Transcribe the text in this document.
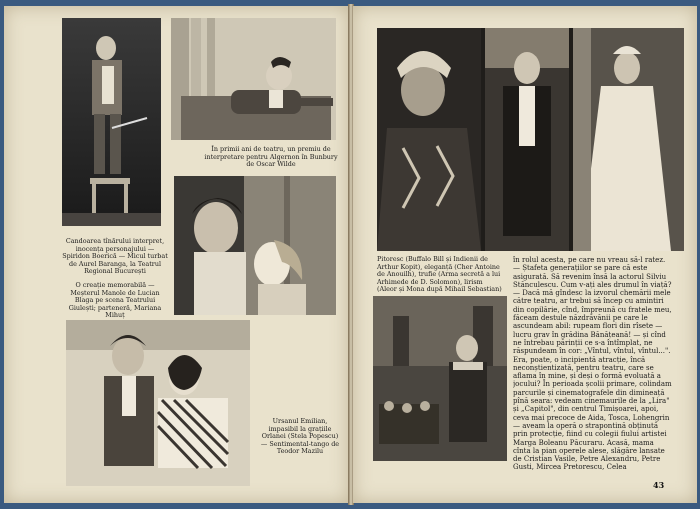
În primii ani de teatru, un premiu de interpretare pentru Algernon în Bunbury de Oscar Wilde
Candoarea tînărului interpret, inocența personajului — Spiridon Boerică — Micul turbat de Aurel Baranga, la Teatrul Regional București
O creație memorabilă — Meșterul Manole de Lucian Blaga pe scena Teatrului Giulești; parteneră, Mariana Mihuț
Ursanul Emilian, impasibil la grațiile Orlanei (Stela Popescu) — Sentimental-tango de Teodor Mazilu
Pitoresc (Buffalo Bill și Indienii de Arthur Kopit), eleganță (Cher Antoine de Anouilh), trufie (Arma secretă a lui Arhimede de D. Solomon), lirism (Aleor și Mona după Mihail Sebastian)
în rolul acesta, pe care nu vreau să-l ratez.
— Ștafeta generațiilor se pare că este asigurată. Să revenim însă la actorul Silviu Stănculescu. Cum v-ați ales drumul în viață?
— Dacă mă gîndesc la izvorul chemării mele către teatru, ar trebui să încep cu amintiri din copilărie, cînd, împreună cu fratele meu, făceam destule năzdrăvănii pe care le ascundeam abil: rupeam flori din rîsete — lucru grav în grădina Bănățeană! — și cînd ne întrebau părinții ce s-a întîmplat, ne răspundeam în cor: „Vîntul, vîntul, vîntul...". Era, poate, o incipientă atracție, încă neconștientizată, pentru teatru, care se aflama în mine, și deși o formă evoluată a jocului? În perioada școlii primare, colindam parcurile și cinematografele din dimineață pînă seara: vedeam cinemaurile de la „Lira" și „Capitol", din centrul Timișoarei, apoi, ceva mai precoce de Aida, Tosca, Lohengrin — aveam la operă o strapontină obținută prin protecție, fiind cu colegii fiului artistei Marga Boleanu Păcuraru. Acasă, mama cînta la pian operele alese, slăgăre lansate de Cristian Vasile, Petre Alexandru, Petre Gusti, Mircea Pretorescu, Celea
43
